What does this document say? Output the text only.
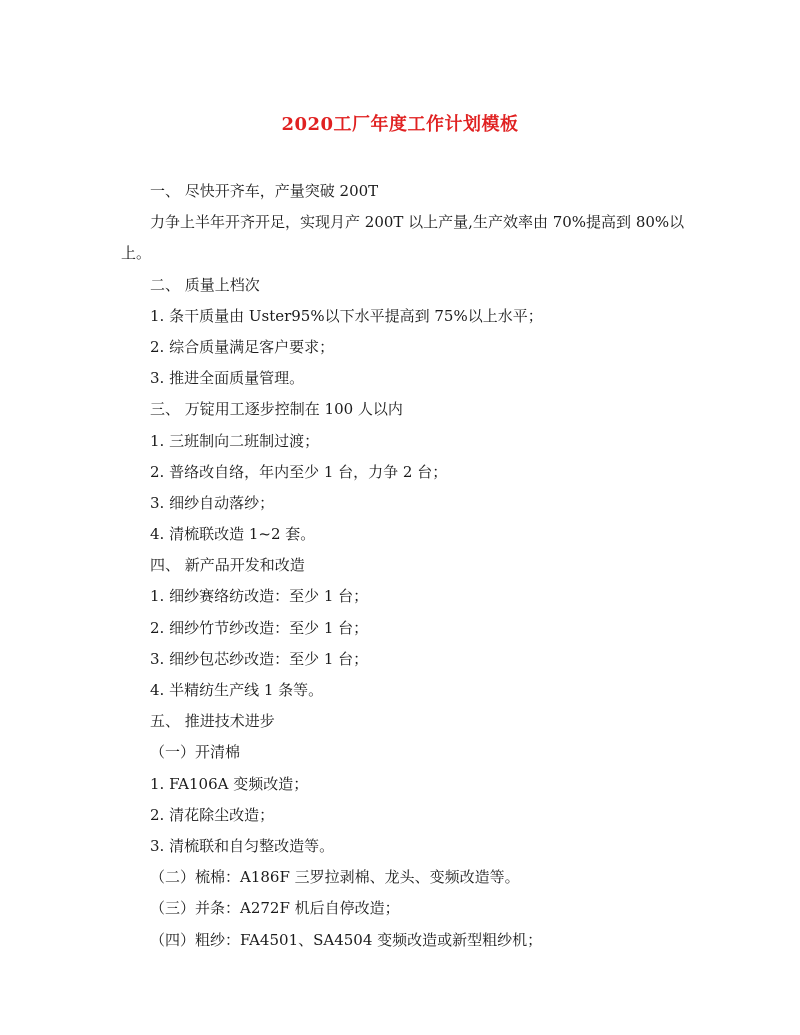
2020工厂年度工作计划模板
一、 尽快开齐车，产量突破 200T
力争上半年开齐开足，实现月产 200T 以上产量,生产效率由 70%提高到 80%以
上。
二、 质量上档次
1. 条干质量由 Uster95%以下水平提高到 75%以上水平；
2. 综合质量满足客户要求；
3. 推进全面质量管理。
三、 万锭用工逐步控制在 100 人以内
1. 三班制向二班制过渡；
2. 普络改自络，年内至少 1 台，力争 2 台；
3. 细纱自动落纱；
4. 清梳联改造 1~2 套。
四、 新产品开发和改造
1. 细纱赛络纺改造：至少 1 台；
2. 细纱竹节纱改造：至少 1 台；
3. 细纱包芯纱改造：至少 1 台；
4. 半精纺生产线 1 条等。
五、 推进技术进步
（一）开清棉
1. FA106A 变频改造；
2. 清花除尘改造；
3. 清梳联和自匀整改造等。
（二）梳棉：A186F 三罗拉剥棉、龙头、变频改造等。
（三）并条：A272F 机后自停改造；
（四）粗纱：FA4501、SA4504 变频改造或新型粗纱机；
